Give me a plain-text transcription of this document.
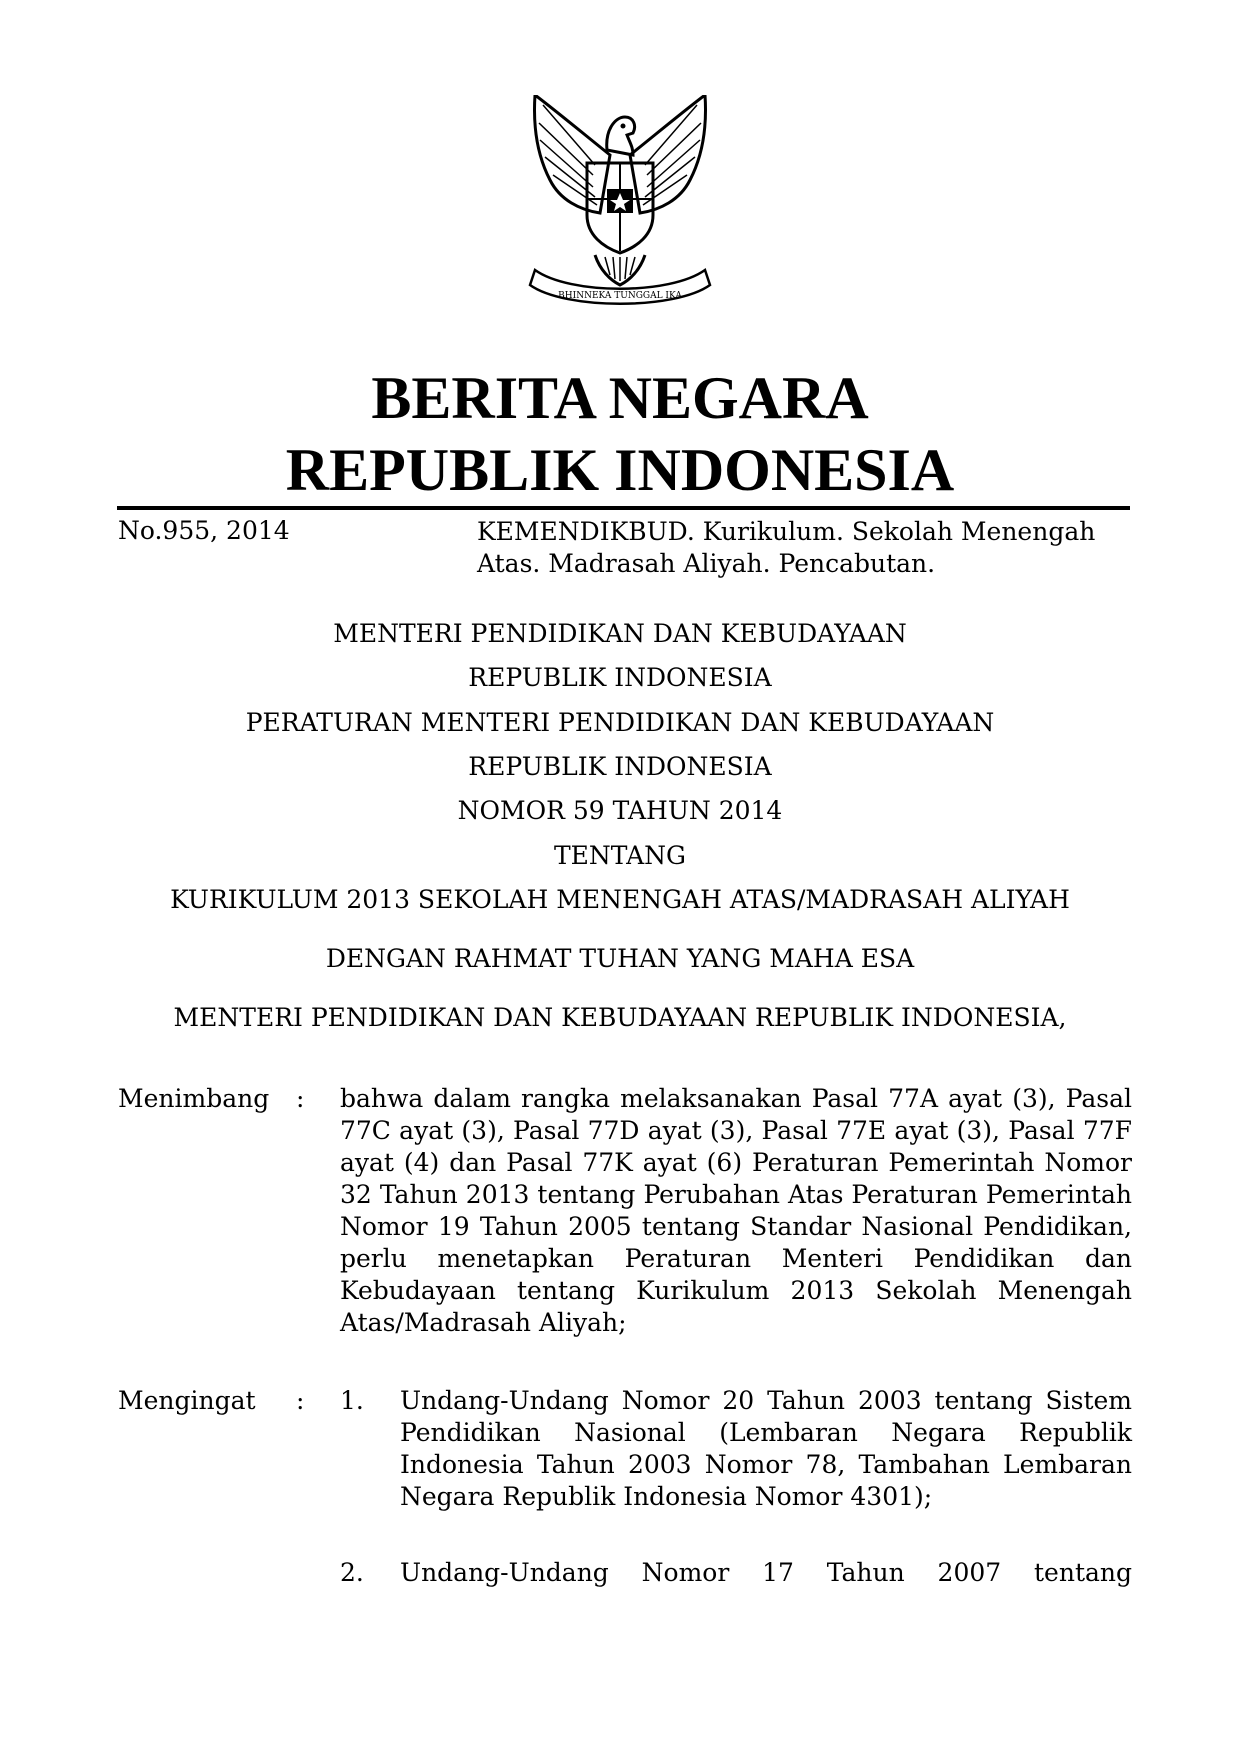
BHINNEKA TUNGGAL IKA
BERITA NEGARA
REPUBLIK INDONESIA
No.955, 2014	KEMENDIKBUD. Kurikulum. Sekolah Menengah Atas. Madrasah Aliyah. Pencabutan.
MENTERI PENDIDIKAN DAN KEBUDAYAAN
REPUBLIK INDONESIA
PERATURAN MENTERI PENDIDIKAN DAN KEBUDAYAAN
REPUBLIK INDONESIA
NOMOR 59 TAHUN 2014
TENTANG
KURIKULUM 2013 SEKOLAH MENENGAH ATAS/MADRASAH ALIYAH
DENGAN RAHMAT TUHAN YANG MAHA ESA
MENTERI PENDIDIKAN DAN KEBUDAYAAN REPUBLIK INDONESIA,
Menimbang : bahwa dalam rangka melaksanakan Pasal 77A ayat (3), Pasal 77C ayat (3), Pasal 77D ayat (3), Pasal 77E ayat (3), Pasal 77F ayat (4) dan Pasal 77K ayat (6) Peraturan Pemerintah Nomor 32 Tahun 2013 tentang Perubahan Atas Peraturan Pemerintah Nomor 19 Tahun 2005 tentang Standar Nasional Pendidikan, perlu menetapkan Peraturan Menteri Pendidikan dan Kebudayaan tentang Kurikulum 2013 Sekolah Menengah Atas/Madrasah Aliyah;
Mengingat : 1. Undang-Undang Nomor 20 Tahun 2003 tentang Sistem Pendidikan Nasional (Lembaran Negara Republik Indonesia Tahun 2003 Nomor 78, Tambahan Lembaran Negara Republik Indonesia Nomor 4301);
2. Undang-Undang Nomor 17 Tahun 2007 tentang
